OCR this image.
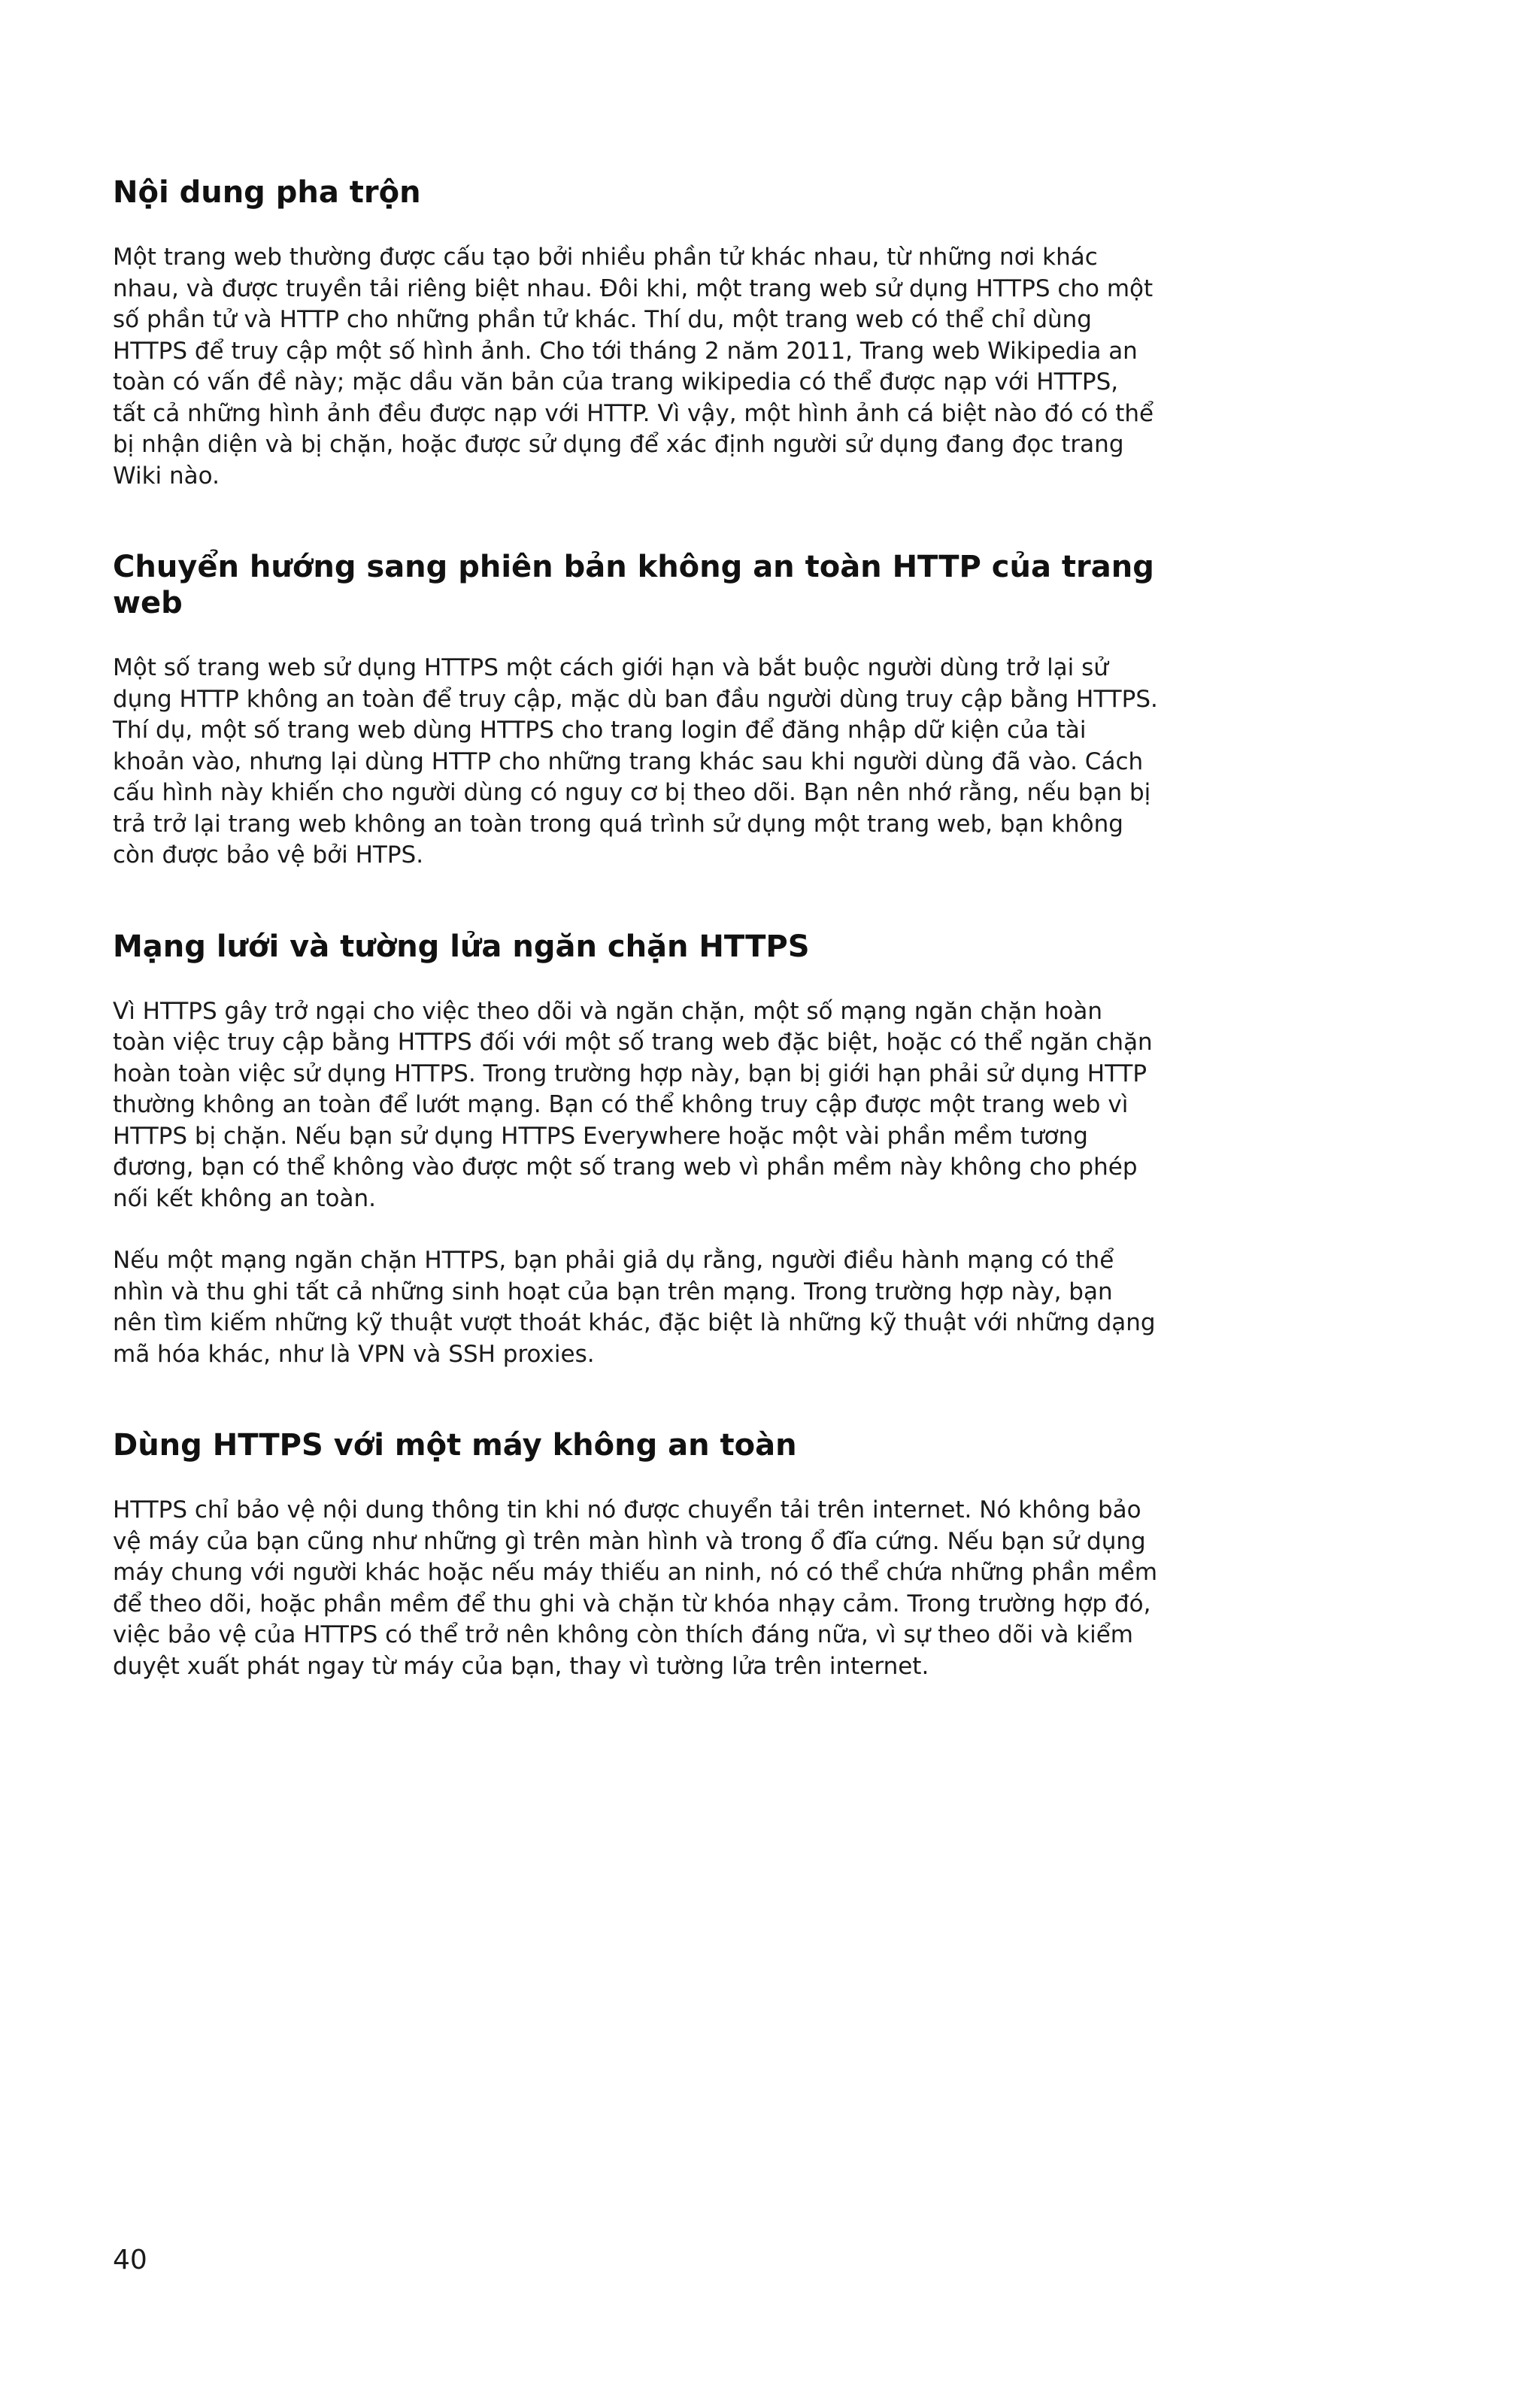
Nội dung pha trộn

Một trang web thường được cấu tạo bởi nhiều phần tử khác nhau, từ những nơi khác nhau, và được truyền tải riêng biệt nhau. Đôi khi, một trang web sử dụng HTTPS cho một số phần tử và HTTP cho những phần tử khác. Thí du, một trang web có thể chỉ dùng HTTPS để truy cập một số hình ảnh. Cho tới tháng 2 năm 2011, Trang web Wikipedia an toàn có vấn đề này; mặc dầu văn bản của trang wikipedia có thể được nạp với HTTPS, tất cả những hình ảnh đều được nạp với HTTP. Vì vậy, một hình ảnh cá biệt nào đó có thể bị nhận diện và bị chặn, hoặc được sử dụng để xác định người sử dụng đang đọc trang Wiki nào.

Chuyển hướng sang phiên bản không an toàn HTTP của trang web

Một số trang web sử dụng HTTPS một cách giới hạn và bắt buộc người dùng trở lại sử dụng HTTP không an toàn để truy cập, mặc dù ban đầu người dùng truy cập bằng HTTPS. Thí dụ, một số trang web dùng HTTPS cho trang login để đăng nhập dữ kiện của tài khoản vào, nhưng lại dùng HTTP cho những trang khác sau khi người dùng đã vào. Cách cấu hình này khiến cho người dùng có nguy cơ bị theo dõi. Bạn nên nhớ rằng, nếu bạn bị trả trở lại trang web không an toàn trong quá trình sử dụng một trang web, bạn không còn được bảo vệ bởi HTPS.

Mạng lưới và tường lửa ngăn chặn HTTPS

Vì HTTPS gây trở ngại cho việc theo dõi và ngăn chặn, một số mạng ngăn chặn hoàn toàn việc truy cập bằng HTTPS đối với một số trang web đặc biệt, hoặc có thể ngăn chặn hoàn toàn việc sử dụng HTTPS. Trong trường hợp này, bạn bị giới hạn phải sử dụng HTTP thường không an toàn để lướt mạng. Bạn có thể không truy cập được một trang web vì HTTPS bị chặn. Nếu bạn sử dụng HTTPS Everywhere hoặc một vài phần mềm tương đương, bạn có thể không vào được một số trang web vì phần mềm này không cho phép nối kết không an toàn.

Nếu một mạng ngăn chặn HTTPS, bạn phải giả dụ rằng, người điều hành mạng có thể nhìn và thu ghi tất cả những sinh hoạt của bạn trên mạng. Trong trường hợp này, bạn nên tìm kiếm những kỹ thuật vượt thoát khác, đặc biệt là những kỹ thuật với những dạng mã hóa khác, như là VPN và SSH proxies.

Dùng HTTPS với một máy không an toàn

HTTPS chỉ bảo vệ nội dung thông tin khi nó được chuyển tải trên internet. Nó không bảo vệ máy của bạn cũng như những gì trên màn hình và trong ổ đĩa cứng. Nếu bạn sử dụng máy chung với người khác hoặc nếu máy thiếu an ninh, nó có thể chứa những phần mềm để theo dõi, hoặc phần mềm để thu ghi và chặn từ khóa nhạy cảm. Trong trường hợp đó, việc bảo vệ của HTTPS có thể trở nên không còn thích đáng nữa, vì sự theo dõi và kiểm duyệt xuất phát ngay từ máy của bạn, thay vì tường lửa trên internet.

40
